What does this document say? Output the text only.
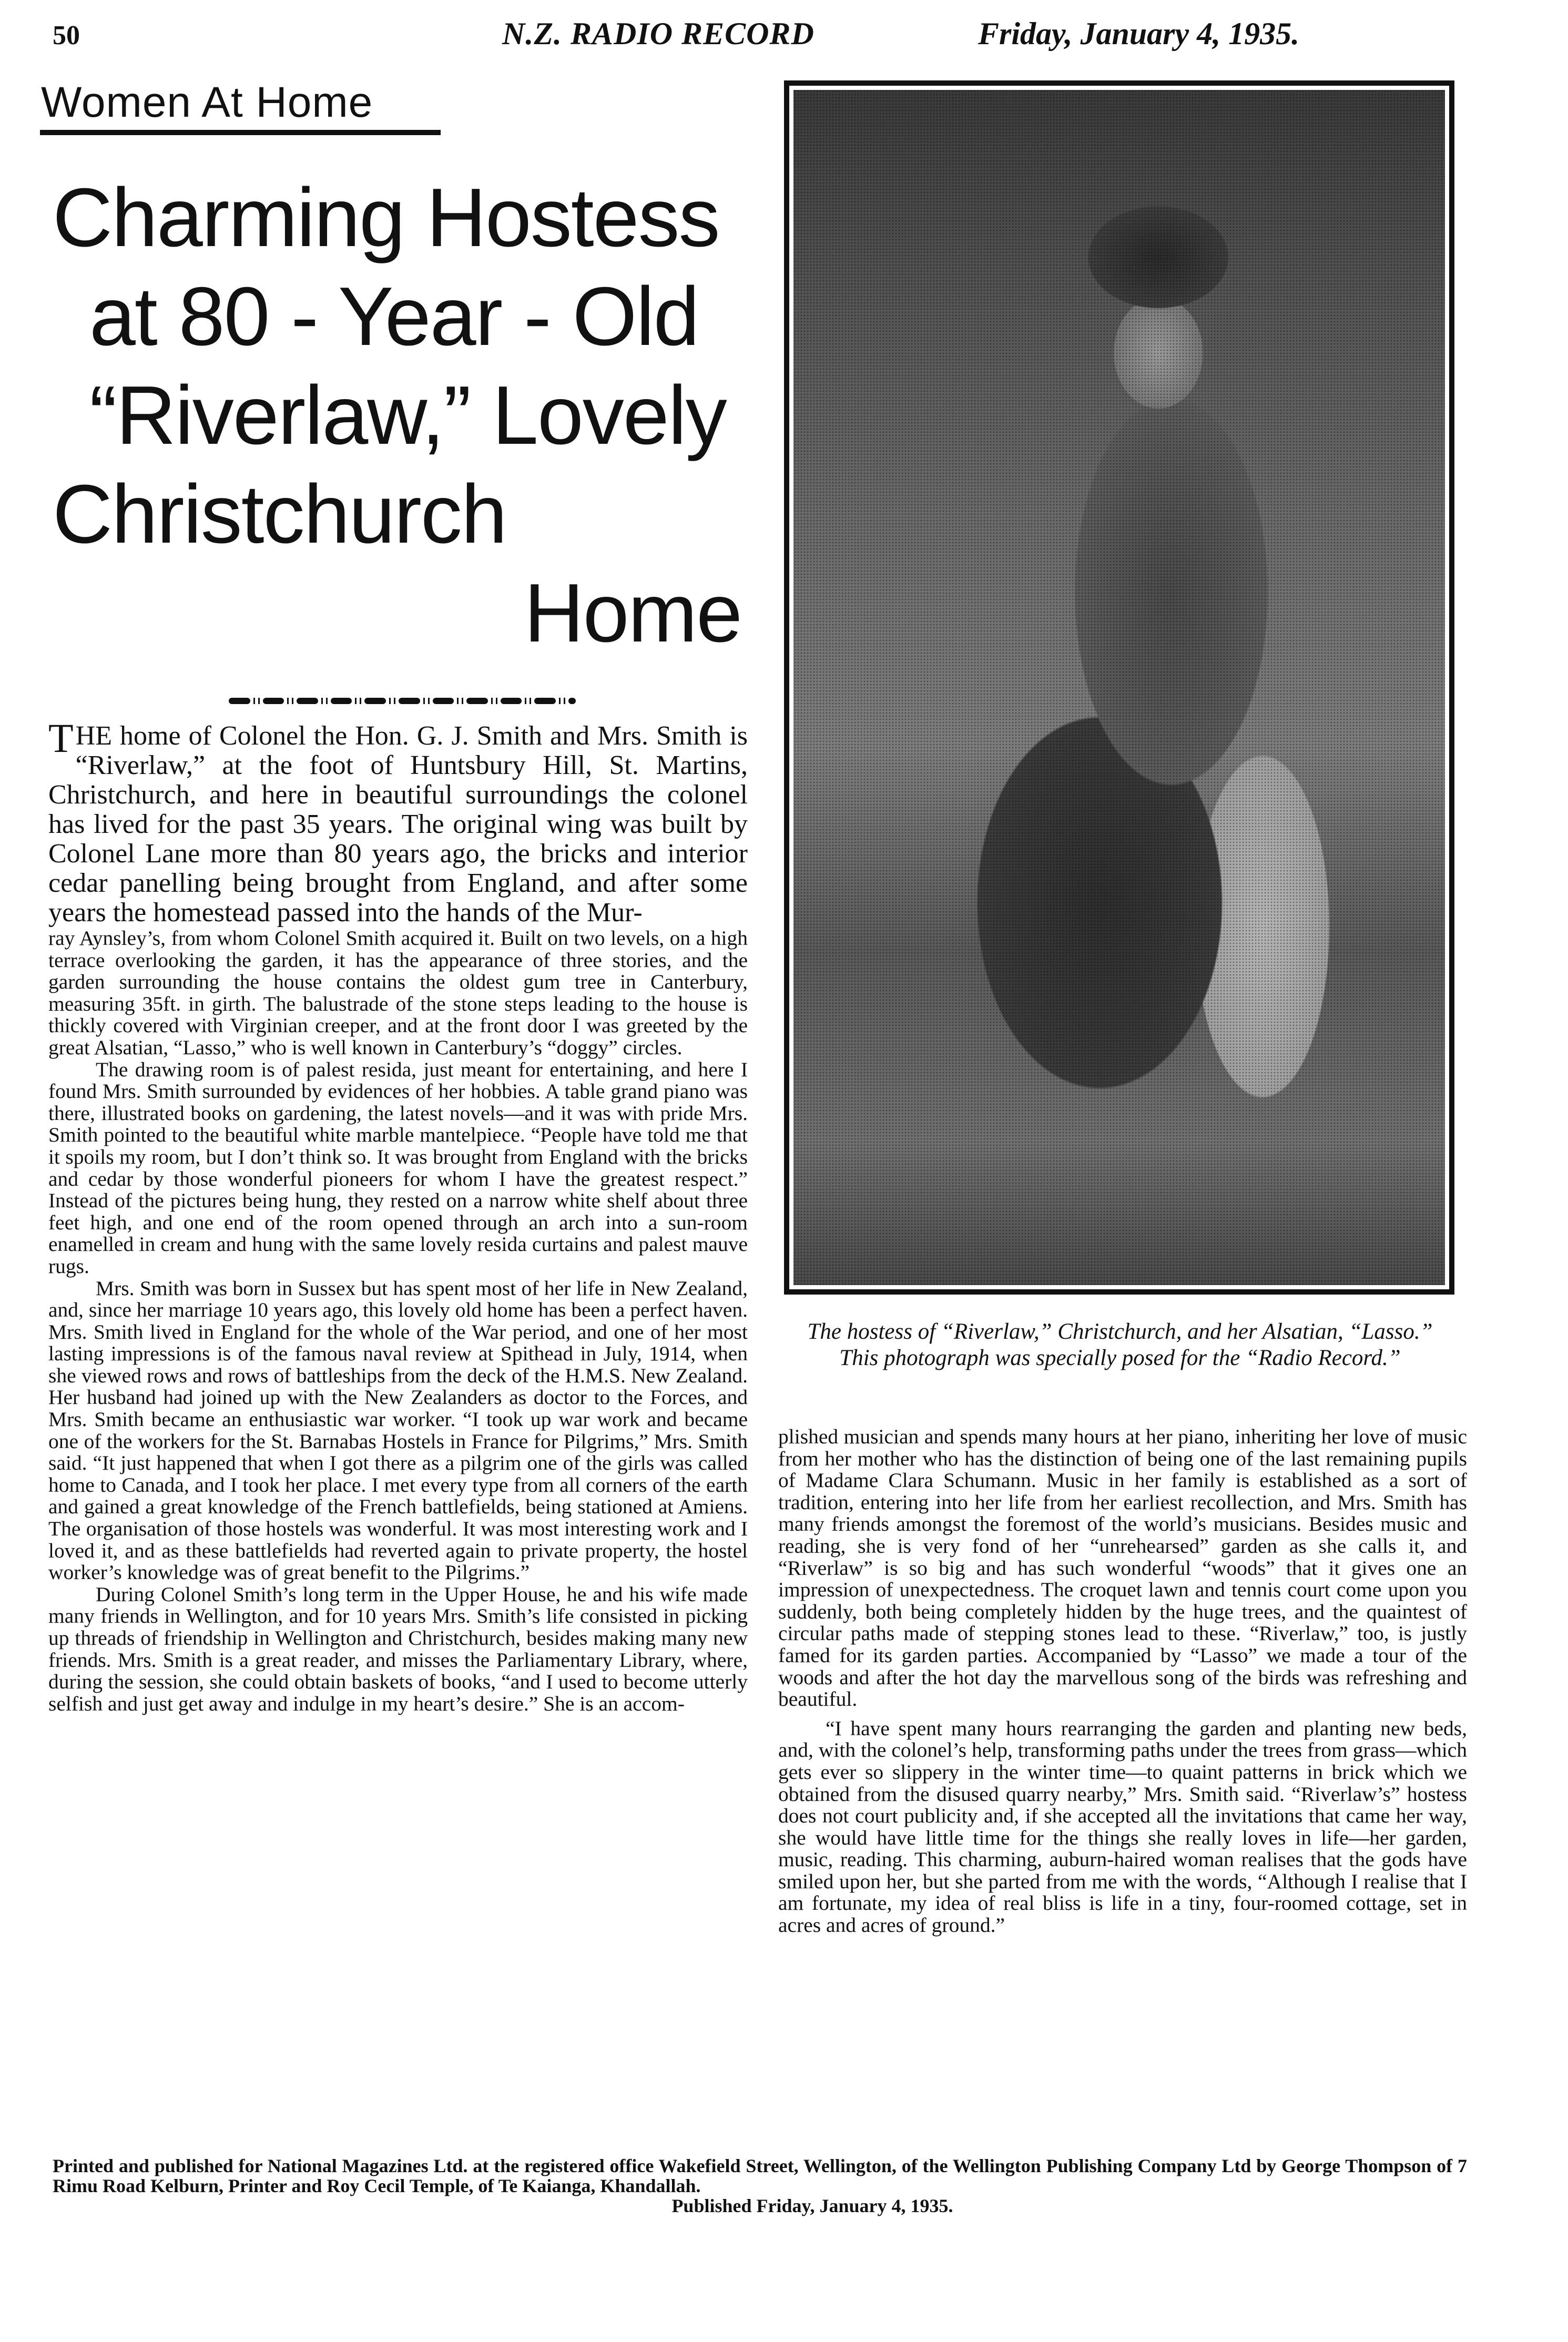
50	N.Z. RADIO RECORD	Friday, January 4, 1935.
Women At Home
Charming Hostess
at 80 - Year - Old
“Riverlaw,” Lovely
Christchurch
Home

THE home of Colonel the Hon. G. J. Smith and Mrs. Smith is “Riverlaw,” at the foot of Huntsbury Hill, St. Martins, Christchurch, and here in beautiful surroundings the colonel has lived for the past 35 years. The original wing was built by Colonel Lane more than 80 years ago, the bricks and interior cedar panelling being brought from England, and after some years the homestead passed into the hands of the Mur-

ray Aynsley’s, from whom Colonel Smith acquired it. Built on two levels, on a high terrace overlooking the garden, it has the appearance of three stories, and the garden surrounding the house contains the oldest gum tree in Canterbury, measuring 35ft. in girth. The balustrade of the stone steps leading to the house is thickly covered with Virginian creeper, and at the front door I was greeted by the great Alsatian, “Lasso,” who is well known in Canterbury’s “doggy” circles.

The drawing room is of palest resida, just meant for entertaining, and here I found Mrs. Smith surrounded by evidences of her hobbies. A table grand piano was there, illustrated books on gardening, the latest novels—and it was with pride Mrs. Smith pointed to the beautiful white marble mantelpiece. “People have told me that it spoils my room, but I don’t think so. It was brought from England with the bricks and cedar by those wonderful pioneers for whom I have the greatest respect.” Instead of the pictures being hung, they rested on a narrow white shelf about three feet high, and one end of the room opened through an arch into a sun-room enamelled in cream and hung with the same lovely resida curtains and palest mauve rugs.

Mrs. Smith was born in Sussex but has spent most of her life in New Zealand, and, since her marriage 10 years ago, this lovely old home has been a perfect haven. Mrs. Smith lived in England for the whole of the War period, and one of her most lasting impressions is of the famous naval review at Spithead in July, 1914, when she viewed rows and rows of battleships from the deck of the H.M.S. New Zealand. Her husband had joined up with the New Zealanders as doctor to the Forces, and Mrs. Smith became an enthusiastic war worker. “I took up war work and became one of the workers for the St. Barnabas Hostels in France for Pilgrims,” Mrs. Smith said. “It just happened that when I got there as a pilgrim one of the girls was called home to Canada, and I took her place. I met every type from all corners of the earth and gained a great knowledge of the French battlefields, being stationed at Amiens. The organisation of those hostels was wonderful. It was most interesting work and I loved it, and as these battlefields had reverted again to private property, the hostel worker’s knowledge was of great benefit to the Pilgrims.”

During Colonel Smith’s long term in the Upper House, he and his wife made many friends in Wellington, and for 10 years Mrs. Smith’s life consisted in picking up threads of friendship in Wellington and Christchurch, besides making many new friends. Mrs. Smith is a great reader, and misses the Parliamentary Library, where, during the session, she could obtain baskets of books, “and I used to become utterly selfish and just get away and indulge in my heart’s desire.” She is an accom-

The hostess of “Riverlaw,” Christchurch, and her Alsatian, “Lasso.” This photograph was specially posed for the “Radio Record.”

plished musician and spends many hours at her piano, inheriting her love of music from her mother who has the distinction of being one of the last remaining pupils of Madame Clara Schumann. Music in her family is established as a sort of tradition, entering into her life from her earliest recollection, and Mrs. Smith has many friends amongst the foremost of the world’s musicians. Besides music and reading, she is very fond of her “unrehearsed” garden as she calls it, and “Riverlaw” is so big and has such wonderful “woods” that it gives one an impression of unexpectedness. The croquet lawn and tennis court come upon you suddenly, both being completely hidden by the huge trees, and the quaintest of circular paths made of stepping stones lead to these. “Riverlaw,” too, is justly famed for its garden parties. Accompanied by “Lasso” we made a tour of the woods and after the hot day the marvellous song of the birds was refreshing and beautiful.

“I have spent many hours rearranging the garden and planting new beds, and, with the colonel’s help, transforming paths under the trees from grass—which gets ever so slippery in the winter time—to quaint patterns in brick which we obtained from the disused quarry nearby,” Mrs. Smith said. “Riverlaw’s” hostess does not court publicity and, if she accepted all the invitations that came her way, she would have little time for the things she really loves in life—her garden, music, reading. This charming, auburn-haired woman realises that the gods have smiled upon her, but she parted from me with the words, “Although I realise that I am fortunate, my idea of real bliss is life in a tiny, four-roomed cottage, set in acres and acres of ground.”

Printed and published for National Magazines Ltd. at the registered office Wakefield Street, Wellington, of the Wellington Publishing Company Ltd by George Thompson of 7 Rimu Road Kelburn, Printer and Roy Cecil Temple, of Te Kaianga, Khandallah.
Published Friday, January 4, 1935.
